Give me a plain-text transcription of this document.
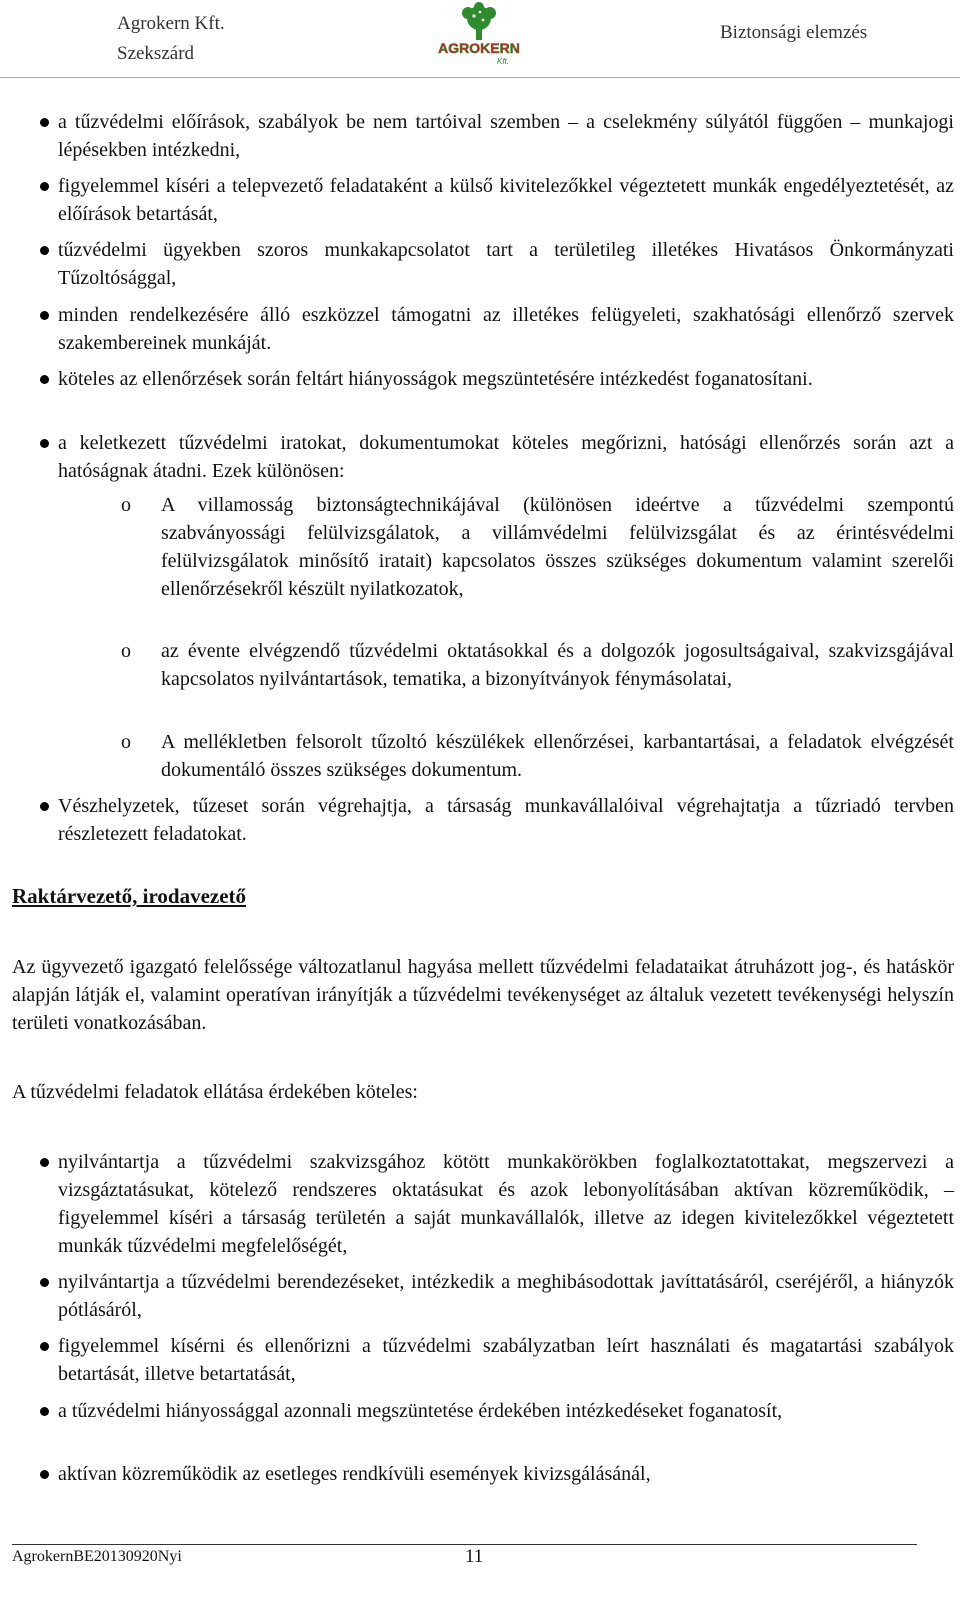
Agrokern Kft.
Szekszárd	AGROKERN
Kft.
Biztonsági elemzés
a tűzvédelmi előírások, szabályok be nem tartóival szemben – a cselekmény súlyától függően – munkajogi lépésekben intézkedni,
figyelemmel kíséri a telepvezető feladataként a külső kivitelezőkkel végeztetett munkák engedélyeztetését, az előírások betartását,
tűzvédelmi ügyekben szoros munkakapcsolatot tart a területileg illetékes Hivatásos Önkormányzati Tűzoltósággal,
minden rendelkezésére álló eszközzel támogatni az illetékes felügyeleti, szakhatósági ellenőrző szervek szakembereinek munkáját.
köteles az ellenőrzések során feltárt hiányosságok megszüntetésére intézkedést foganatosítani.
a keletkezett tűzvédelmi iratokat, dokumentumokat köteles megőrizni, hatósági ellenőrzés során azt a hatóságnak átadni. Ezek különösen:
o A villamosság biztonságtechnikájával (különösen ideértve a tűzvédelmi szempontú szabványossági felülvizsgálatok, a villámvédelmi felülvizsgálat és az érintésvédelmi felülvizsgálatok minősítő iratait) kapcsolatos összes szükséges dokumentum valamint szerelői ellenőrzésekről készült nyilatkozatok,
o az évente elvégzendő tűzvédelmi oktatásokkal és a dolgozók jogosultságaival, szakvizsgájával kapcsolatos nyilvántartások, tematika, a bizonyítványok fénymásolatai,
o A mellékletben felsorolt tűzoltó készülékek ellenőrzései, karbantartásai, a feladatok elvégzését dokumentáló összes szükséges dokumentum.
Vészhelyzetek, tűzeset során végrehajtja, a társaság munkavállalóival végrehajtatja a tűzriadó tervben részletezett feladatokat.
Raktárvezető, irodavezető
Az ügyvezető igazgató felelőssége változatlanul hagyása mellett tűzvédelmi feladataikat átruházott jog-, és hatáskör alapján látják el, valamint operatívan irányítják a tűzvédelmi tevékenységet az általuk vezetett tevékenységi helyszín területi vonatkozásában.
A tűzvédelmi feladatok ellátása érdekében köteles:
nyilvántartja a tűzvédelmi szakvizsgához kötött munkakörökben foglalkoztatottakat, megszervezi a vizsgáztatásukat, kötelező rendszeres oktatásukat és azok lebonyolításában aktívan közreműködik, – figyelemmel kíséri a társaság területén a saját munkavállalók, illetve az idegen kivitelezőkkel végeztetett munkák tűzvédelmi megfelelőségét,
nyilvántartja a tűzvédelmi berendezéseket, intézkedik a meghibásodottak javíttatásáról, cseréjéről, a hiányzók pótlásáról,
figyelemmel kísérni és ellenőrizni a tűzvédelmi szabályzatban leírt használati és magatartási szabályok betartását, illetve betartatását,
a tűzvédelmi hiányossággal azonnali megszüntetése érdekében intézkedéseket foganatosít,
aktívan közreműködik az esetleges rendkívüli események kivizsgálásánál,
AgrokernBE20130920Nyi	11
